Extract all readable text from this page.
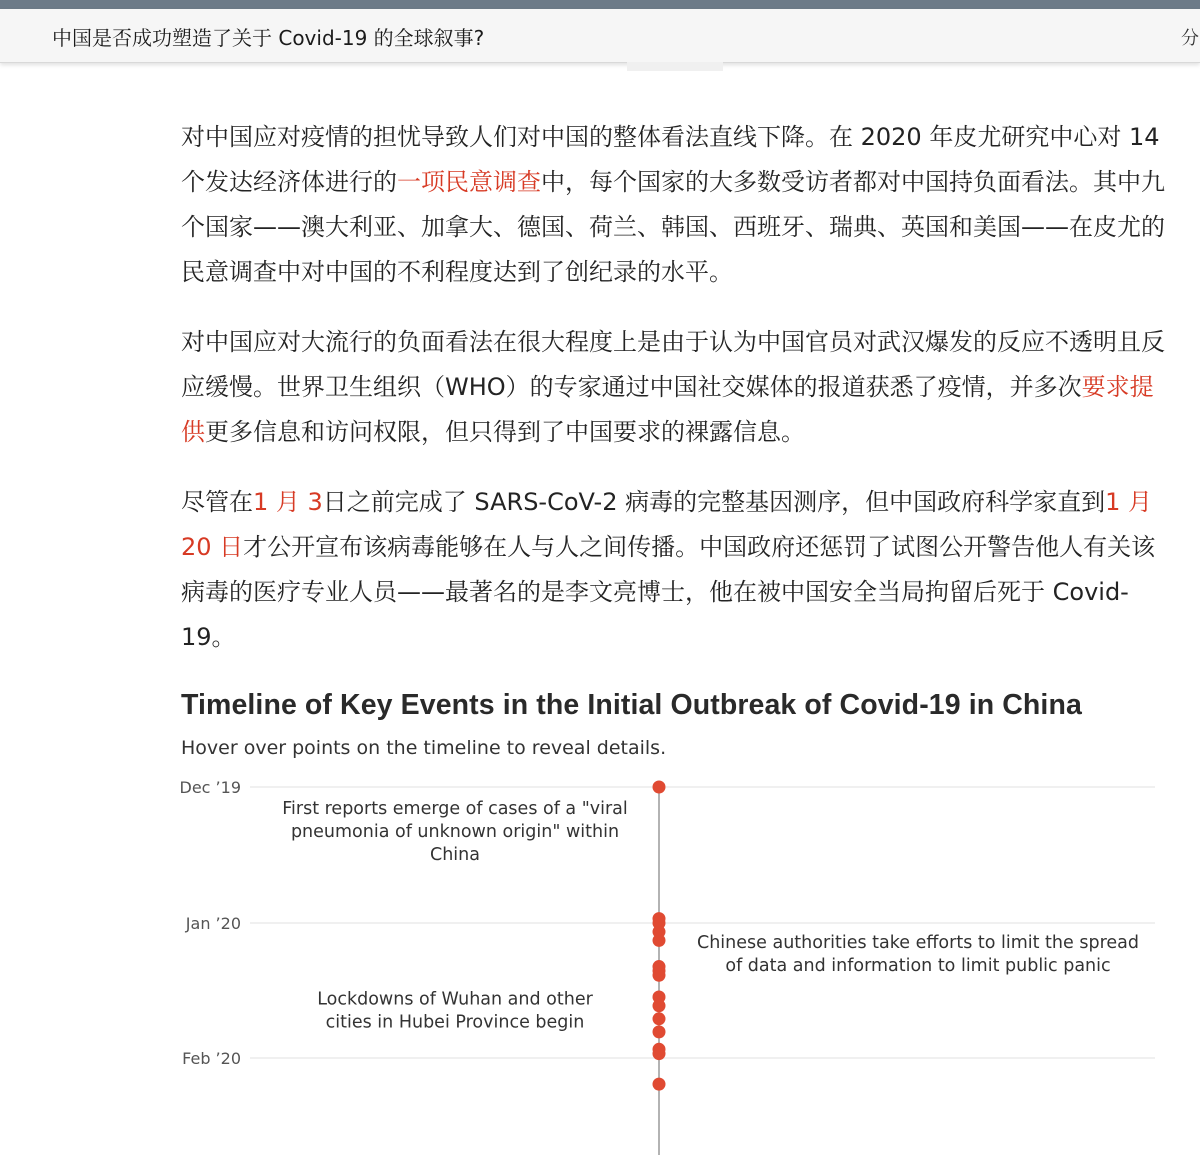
中国是否成功塑造了关于 Covid-19 的全球叙事?	分

对中国应对疫情的担忧导致人们对中国的整体看法直线下降。在 2020 年皮尤研究中心对 14 个发达经济体进行的一项民意调查中，每个国家的大多数受访者都对中国持负面看法。其中九个国家——澳大利亚、加拿大、德国、荷兰、韩国、西班牙、瑞典、英国和美国——在皮尤的民意调查中对中国的不利程度达到了创纪录的水平。

对中国应对大流行的负面看法在很大程度上是由于认为中国官员对武汉爆发的反应不透明且反应缓慢。世界卫生组织（WHO）的专家通过中国社交媒体的报道获悉了疫情，并多次要求提供更多信息和访问权限，但只得到了中国要求的裸露信息。

尽管在1 月 3日之前完成了 SARS-CoV-2 病毒的完整基因测序，但中国政府科学家直到1 月 20 日才公开宣布该病毒能够在人与人之间传播。中国政府还惩罚了试图公开警告他人有关该病毒的医疗专业人员——最著名的是李文亮博士，他在被中国安全当局拘留后死于 Covid-19。

Timeline of Key Events in the Initial Outbreak of Covid-19 in China
Hover over points on the timeline to reveal details.
Dec ’19
Jan ’20
Feb ’20
First reports emerge of cases of a "viral pneumonia of unknown origin" within China
Chinese authorities take efforts to limit the spread of data and information to limit public panic
Lockdowns of Wuhan and other cities in Hubei Province begin
